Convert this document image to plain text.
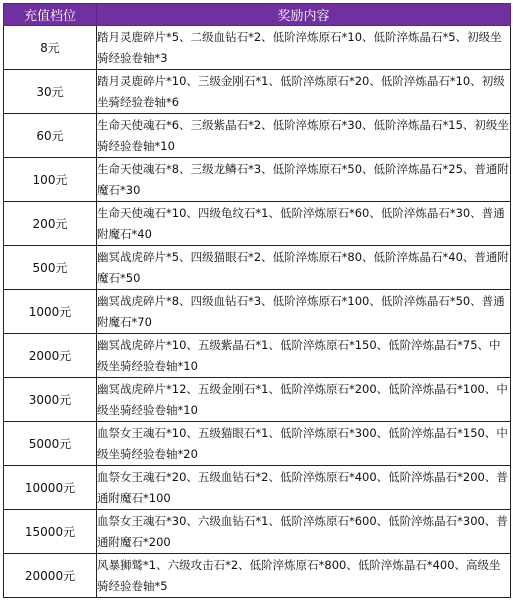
充值档位	奖励内容
8元	踏月灵鹿碎片*5、二级血钻石*2、低阶淬炼原石*10、低阶淬炼晶石*5、初级坐骑经验卷轴*3
30元	踏月灵鹿碎片*10、三级金刚石*1、低阶淬炼原石*20、低阶淬炼晶石*10、初级坐骑经验卷轴*6
60元	生命天使魂石*6、三级紫晶石*2、低阶淬炼原石*30、低阶淬炼晶石*15、初级坐骑经验卷轴*10
100元	生命天使魂石*8、三级龙鳞石*3、低阶淬炼原石*50、低阶淬炼晶石*25、普通附魔石*30
200元	生命天使魂石*10、四级龟纹石*1、低阶淬炼原石*60、低阶淬炼晶石*30、普通附魔石*40
500元	幽冥战虎碎片*5、四级猫眼石*2、低阶淬炼原石*80、低阶淬炼晶石*40、普通附魔石*50
1000元	幽冥战虎碎片*8、四级血钻石*3、低阶淬炼原石*100、低阶淬炼晶石*50、普通附魔石*70
2000元	幽冥战虎碎片*10、五级紫晶石*1、低阶淬炼原石*150、低阶淬炼晶石*75、中级坐骑经验卷轴*10
3000元	幽冥战虎碎片*12、五级金刚石*1、低阶淬炼原石*200、低阶淬炼晶石*100、中级坐骑经验卷轴*10
5000元	血祭女王魂石*10、五级猫眼石*1、低阶淬炼原石*300、低阶淬炼晶石*150、中级坐骑经验卷轴*20
10000元	血祭女王魂石*20、五级血钻石*2、低阶淬炼原石*400、低阶淬炼晶石*200、普通附魔石*100
15000元	血祭女王魂石*30、六级血钻石*1、低阶淬炼原石*600、低阶淬炼晶石*300、普通附魔石*200
20000元	风暴狮鹫*1、六级攻击石*2、低阶淬炼原石*800、低阶淬炼晶石*400、高级坐骑经验卷轴*5
